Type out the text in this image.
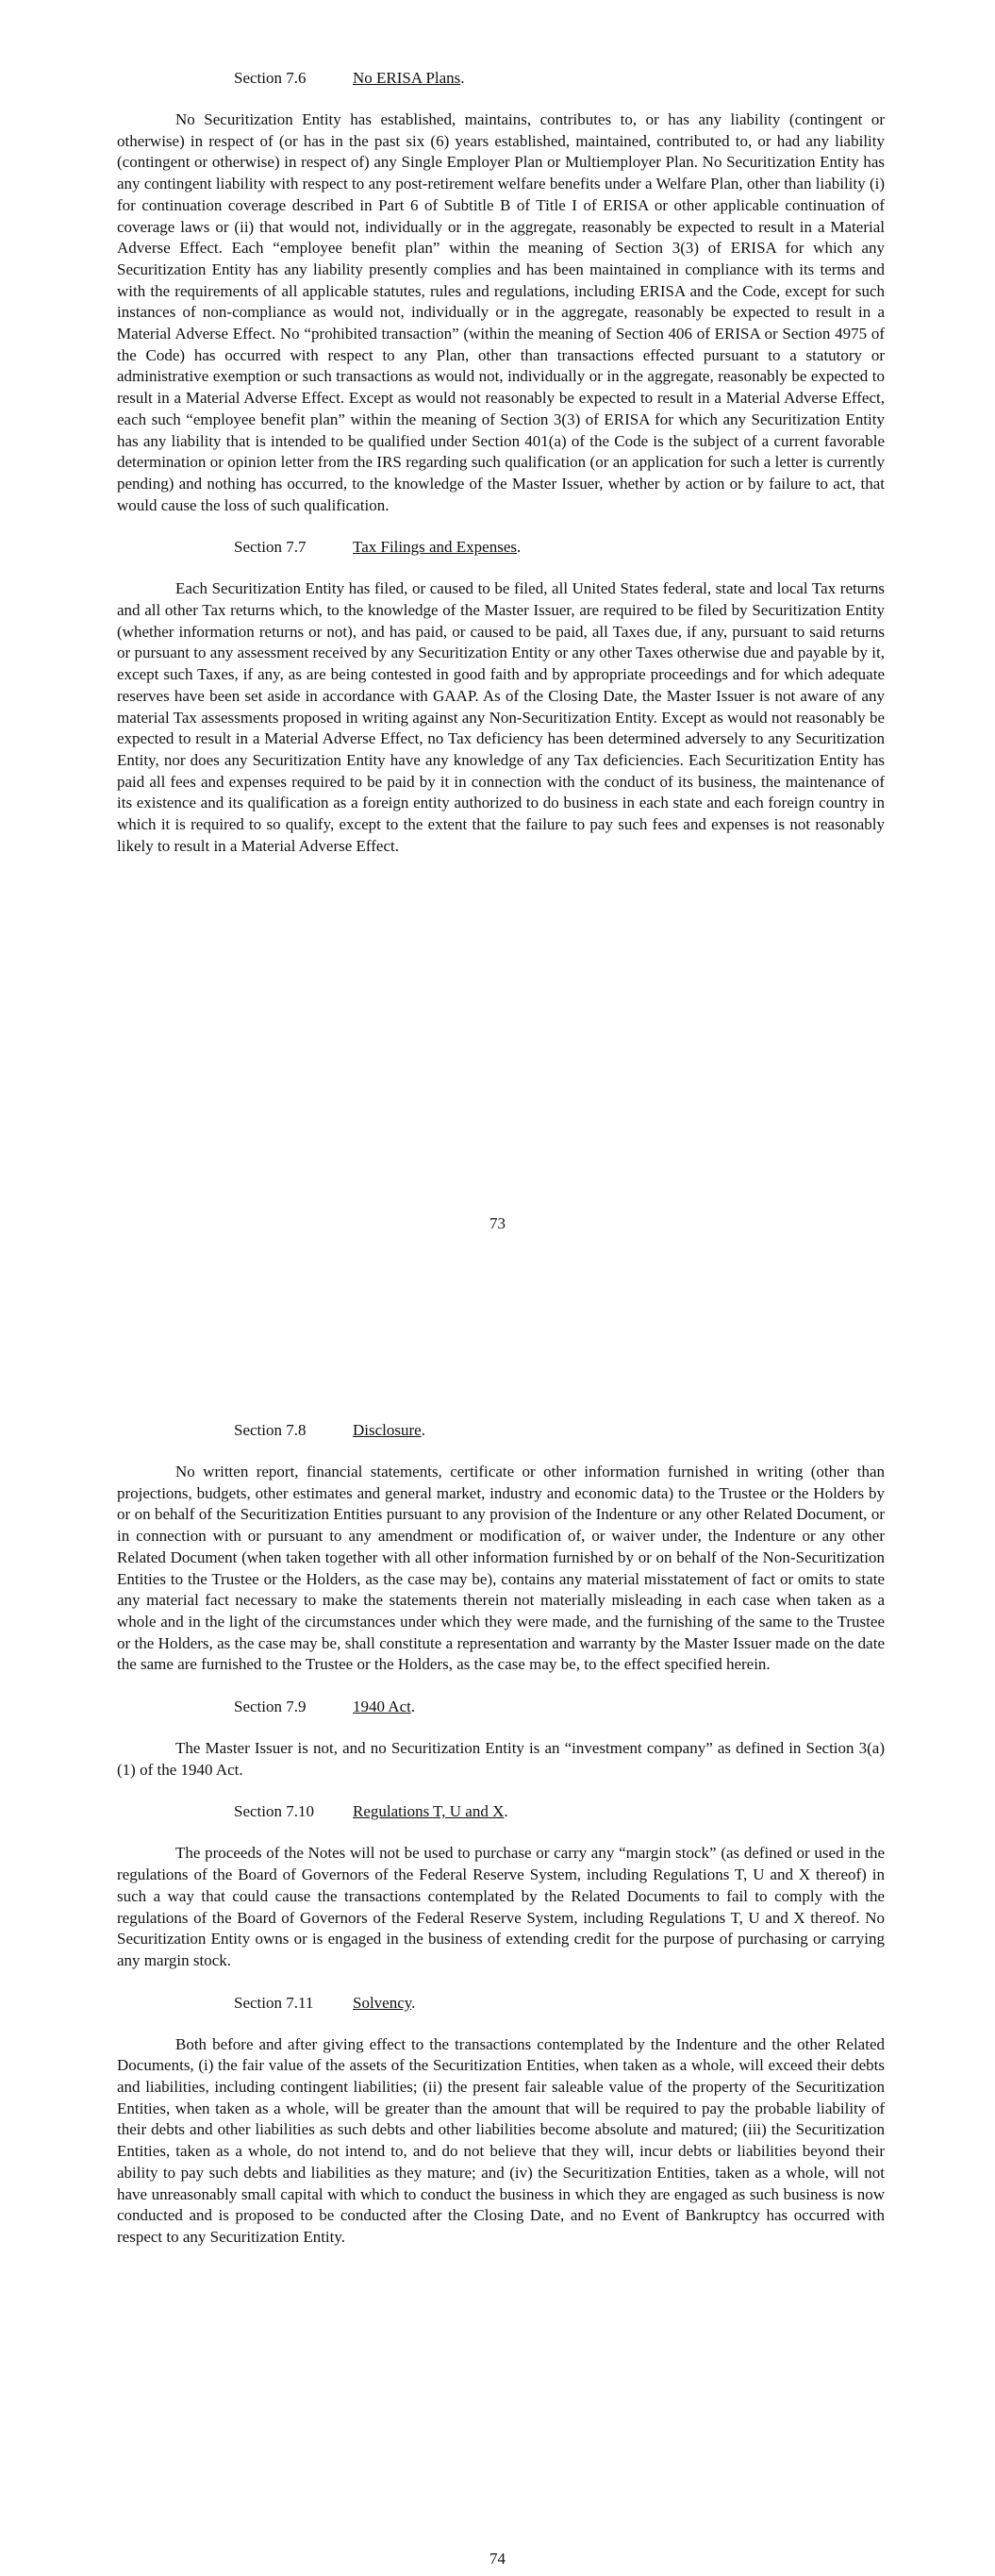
Section 7.6	No ERISA Plans.

No Securitization Entity has established, maintains, contributes to, or has any liability (contingent or otherwise) in respect of (or has in the past six (6) years established, maintained, contributed to, or had any liability (contingent or otherwise) in respect of) any Single Employer Plan or Multiemployer Plan. No Securitization Entity has any contingent liability with respect to any post-retirement welfare benefits under a Welfare Plan, other than liability (i) for continuation coverage described in Part 6 of Subtitle B of Title I of ERISA or other applicable continuation of coverage laws or (ii) that would not, individually or in the aggregate, reasonably be expected to result in a Material Adverse Effect. Each “employee benefit plan” within the meaning of Section 3(3) of ERISA for which any Securitization Entity has any liability presently complies and has been maintained in compliance with its terms and with the requirements of all applicable statutes, rules and regulations, including ERISA and the Code, except for such instances of non-compliance as would not, individually or in the aggregate, reasonably be expected to result in a Material Adverse Effect. No “prohibited transaction” (within the meaning of Section 406 of ERISA or Section 4975 of the Code) has occurred with respect to any Plan, other than transactions effected pursuant to a statutory or administrative exemption or such transactions as would not, individually or in the aggregate, reasonably be expected to result in a Material Adverse Effect. Except as would not reasonably be expected to result in a Material Adverse Effect, each such “employee benefit plan” within the meaning of Section 3(3) of ERISA for which any Securitization Entity has any liability that is intended to be qualified under Section 401(a) of the Code is the subject of a current favorable determination or opinion letter from the IRS regarding such qualification (or an application for such a letter is currently pending) and nothing has occurred, to the knowledge of the Master Issuer, whether by action or by failure to act, that would cause the loss of such qualification.

Section 7.7	Tax Filings and Expenses.

Each Securitization Entity has filed, or caused to be filed, all United States federal, state and local Tax returns and all other Tax returns which, to the knowledge of the Master Issuer, are required to be filed by Securitization Entity (whether information returns or not), and has paid, or caused to be paid, all Taxes due, if any, pursuant to said returns or pursuant to any assessment received by any Securitization Entity or any other Taxes otherwise due and payable by it, except such Taxes, if any, as are being contested in good faith and by appropriate proceedings and for which adequate reserves have been set aside in accordance with GAAP. As of the Closing Date, the Master Issuer is not aware of any material Tax assessments proposed in writing against any Non-Securitization Entity. Except as would not reasonably be expected to result in a Material Adverse Effect, no Tax deficiency has been determined adversely to any Securitization Entity, nor does any Securitization Entity have any knowledge of any Tax deficiencies. Each Securitization Entity has paid all fees and expenses required to be paid by it in connection with the conduct of its business, the maintenance of its existence and its qualification as a foreign entity authorized to do business in each state and each foreign country in which it is required to so qualify, except to the extent that the failure to pay such fees and expenses is not reasonably likely to result in a Material Adverse Effect.

73
Section 7.8	Disclosure.

No written report, financial statements, certificate or other information furnished in writing (other than projections, budgets, other estimates and general market, industry and economic data) to the Trustee or the Holders by or on behalf of the Securitization Entities pursuant to any provision of the Indenture or any other Related Document, or in connection with or pursuant to any amendment or modification of, or waiver under, the Indenture or any other Related Document (when taken together with all other information furnished by or on behalf of the Non-Securitization Entities to the Trustee or the Holders, as the case may be), contains any material misstatement of fact or omits to state any material fact necessary to make the statements therein not materially misleading in each case when taken as a whole and in the light of the circumstances under which they were made, and the furnishing of the same to the Trustee or the Holders, as the case may be, shall constitute a representation and warranty by the Master Issuer made on the date the same are furnished to the Trustee or the Holders, as the case may be, to the effect specified herein.

Section 7.9	1940 Act.

The Master Issuer is not, and no Securitization Entity is an “investment company” as defined in Section 3(a)(1) of the 1940 Act.

Section 7.10 Regulations T, U and X.

The proceeds of the Notes will not be used to purchase or carry any “margin stock” (as defined or used in the regulations of the Board of Governors of the Federal Reserve System, including Regulations T, U and X thereof) in such a way that could cause the transactions contemplated by the Related Documents to fail to comply with the regulations of the Board of Governors of the Federal Reserve System, including Regulations T, U and X thereof. No Securitization Entity owns or is engaged in the business of extending credit for the purpose of purchasing or carrying any margin stock.

Section 7.11 Solvency.

Both before and after giving effect to the transactions contemplated by the Indenture and the other Related Documents, (i) the fair value of the assets of the Securitization Entities, when taken as a whole, will exceed their debts and liabilities, including contingent liabilities; (ii) the present fair saleable value of the property of the Securitization Entities, when taken as a whole, will be greater than the amount that will be required to pay the probable liability of their debts and other liabilities as such debts and other liabilities become absolute and matured; (iii) the Securitization Entities, taken as a whole, do not intend to, and do not believe that they will, incur debts or liabilities beyond their ability to pay such debts and liabilities as they mature; and (iv) the Securitization Entities, taken as a whole, will not have unreasonably small capital with which to conduct the business in which they are engaged as such business is now conducted and is proposed to be conducted after the Closing Date, and no Event of Bankruptcy has occurred with respect to any Securitization Entity.

74
